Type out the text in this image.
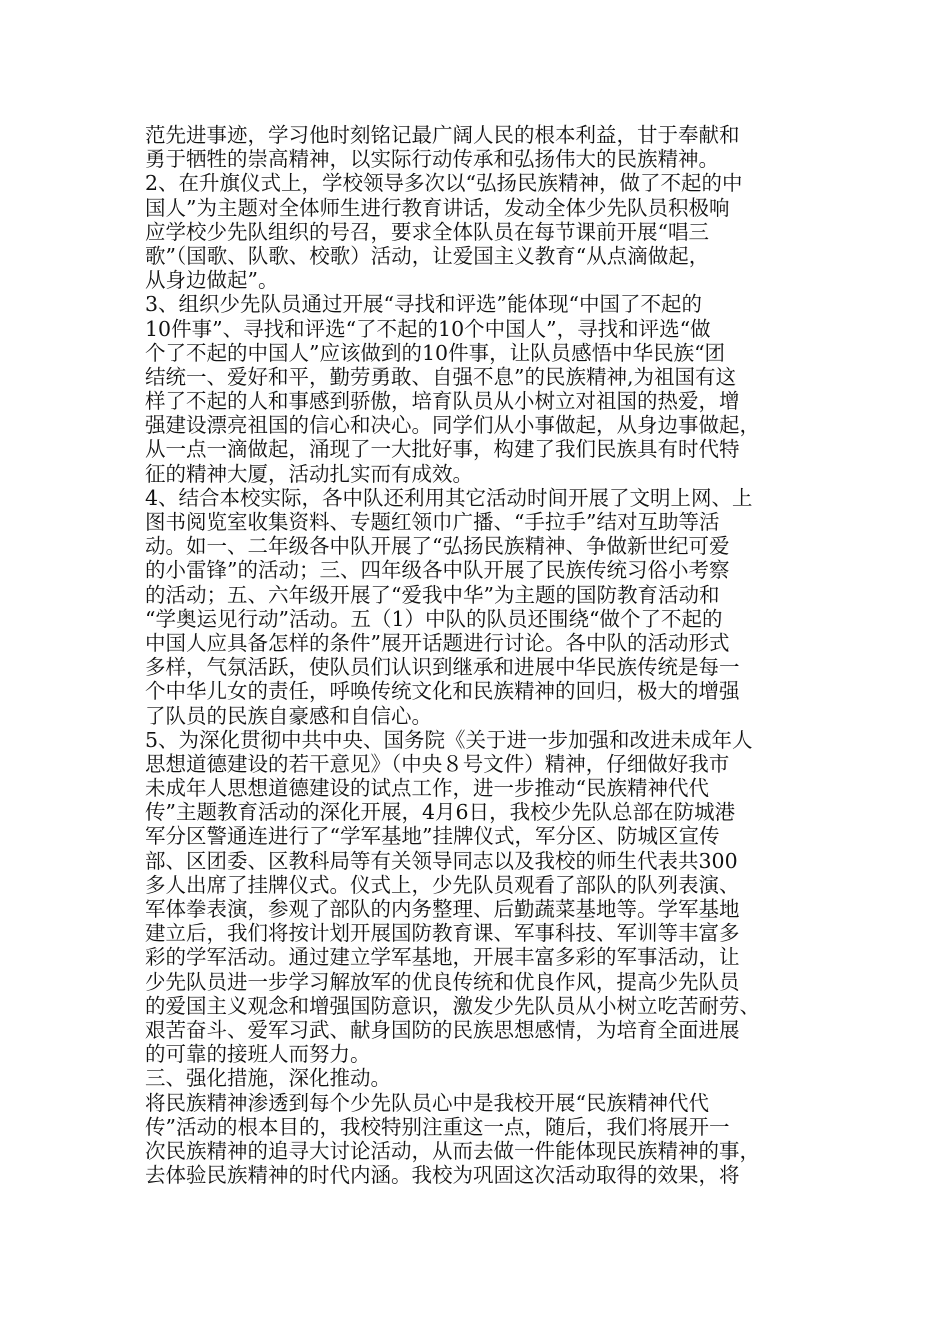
范先进事迹，学习他时刻铭记最广阔人民的根本利益，甘于奉献和
勇于牺牲的崇高精神，以实际行动传承和弘扬伟大的民族精神。
2、在升旗仪式上，学校领导多次以“弘扬民族精神，做了不起的中
国人”为主题对全体师生进行教育讲话，发动全体少先队员积极响
应学校少先队组织的号召，要求全体队员在每节课前开展“唱三
歌”（国歌、队歌、校歌）活动，让爱国主义教育“从点滴做起，
从身边做起”。
3、组织少先队员通过开展“寻找和评选”能体现“中国了不起的
10件事”、寻找和评选“了不起的10个中国人”，寻找和评选“做
个了不起的中国人”应该做到的10件事，让队员感悟中华民族“团
结统一、爱好和平，勤劳勇敢、自强不息”的民族精神,为祖国有这
样了不起的人和事感到骄傲，培育队员从小树立对祖国的热爱，增
强建设漂亮祖国的信心和决心。同学们从小事做起，从身边事做起，
从一点一滴做起，涌现了一大批好事，构建了我们民族具有时代特
征的精神大厦，活动扎实而有成效。
4、结合本校实际，各中队还利用其它活动时间开展了文明上网、上
图书阅览室收集资料、专题红领巾广播、“手拉手”结对互助等活
动。如一、二年级各中队开展了“弘扬民族精神、争做新世纪可爱
的小雷锋”的活动；三、四年级各中队开展了民族传统习俗小考察
的活动；五、六年级开展了“爱我中华”为主题的国防教育活动和
“学奥运见行动”活动。五（1）中队的队员还围绕“做个了不起的
中国人应具备怎样的条件”展开话题进行讨论。各中队的活动形式
多样，气氛活跃，使队员们认识到继承和进展中华民族传统是每一
个中华儿女的责任，呼唤传统文化和民族精神的回归，极大的增强
了队员的民族自豪感和自信心。
5、为深化贯彻中共中央、国务院《关于进一步加强和改进未成年人
思想道德建设的若干意见》（中央８号文件）精神，仔细做好我市
未成年人思想道德建设的试点工作，进一步推动“民族精神代代
传”主题教育活动的深化开展，4月6日，我校少先队总部在防城港
军分区警通连进行了“学军基地”挂牌仪式，军分区、防城区宣传
部、区团委、区教科局等有关领导同志以及我校的师生代表共300
多人出席了挂牌仪式。仪式上，少先队员观看了部队的队列表演、
军体拳表演，参观了部队的内务整理、后勤蔬菜基地等。学军基地
建立后，我们将按计划开展国防教育课、军事科技、军训等丰富多
彩的学军活动。通过建立学军基地，开展丰富多彩的军事活动，让
少先队员进一步学习解放军的优良传统和优良作风，提高少先队员
的爱国主义观念和增强国防意识，激发少先队员从小树立吃苦耐劳、
艰苦奋斗、爱军习武、献身国防的民族思想感情，为培育全面进展
的可靠的接班人而努力。
三、强化措施，深化推动。
将民族精神渗透到每个少先队员心中是我校开展“民族精神代代
传”活动的根本目的，我校特别注重这一点，随后，我们将展开一
次民族精神的追寻大讨论活动，从而去做一件能体现民族精神的事，
去体验民族精神的时代内涵。我校为巩固这次活动取得的效果，将
